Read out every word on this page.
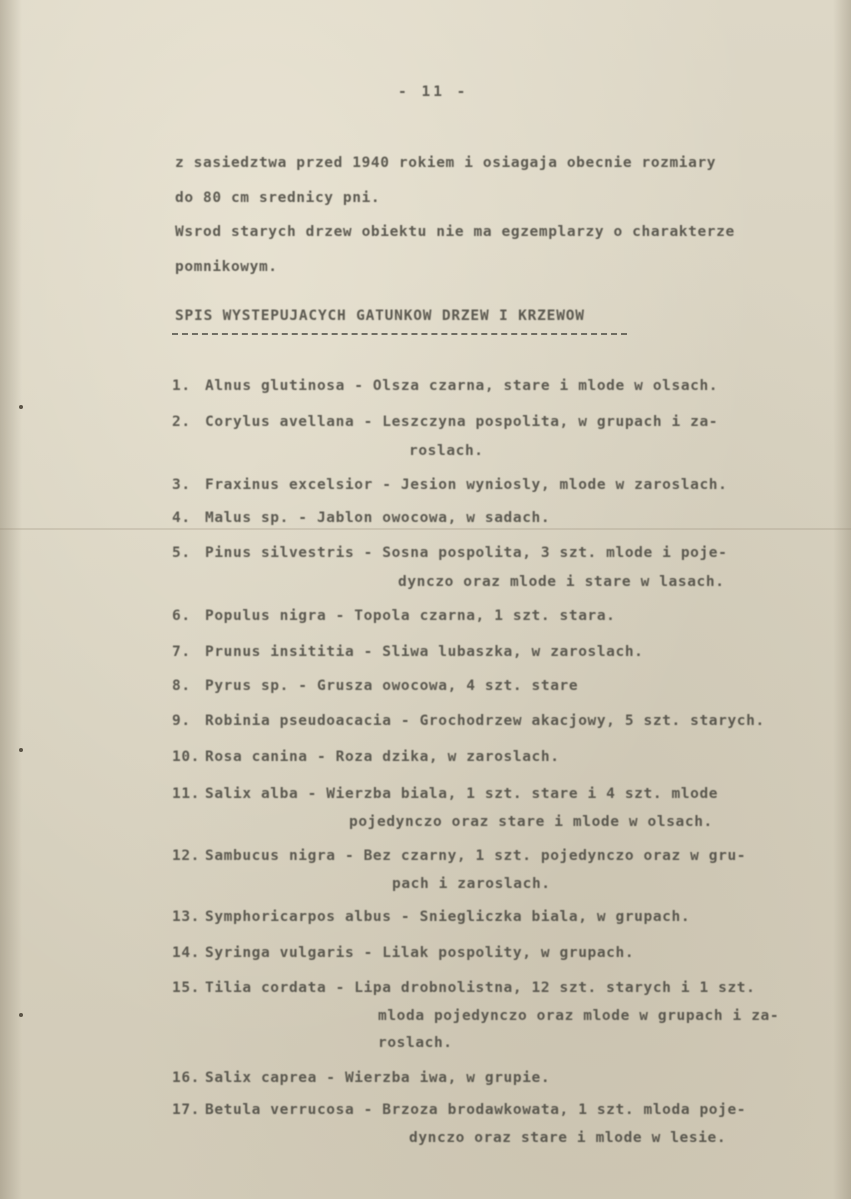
- 11 -
z sasiedztwa przed 1940 rokiem i osiagaja obecnie rozmiary
do 80 cm srednicy pni.
Wsrod starych drzew obiektu nie ma egzemplarzy o charakterze
pomnikowym.
SPIS WYSTEPUJACYCH GATUNKOW DRZEW I KRZEWOW
1. Alnus glutinosa - Olsza czarna, stare i mlode w olsach.
2. Corylus avellana - Leszczyna pospolita, w grupach i za-
roslach.
3. Fraxinus excelsior - Jesion wyniosly, mlode w zaroslach.
4. Malus sp. - Jablon owocowa, w sadach.
5. Pinus silvestris - Sosna pospolita, 3 szt. mlode i poje-
dynczo oraz mlode i stare w lasach.
6. Populus nigra - Topola czarna, 1 szt. stara.
7. Prunus insititia - Sliwa lubaszka, w zaroslach.
8. Pyrus sp. - Grusza owocowa, 4 szt. stare
9. Robinia pseudoacacia - Grochodrzew akacjowy, 5 szt. starych.
10. Rosa canina - Roza dzika, w zaroslach.
11. Salix alba - Wierzba biala, 1 szt. stare i 4 szt. mlode
pojedynczo oraz stare i mlode w olsach.
12. Sambucus nigra - Bez czarny, 1 szt. pojedynczo oraz w gru-
pach i zaroslach.
13. Symphoricarpos albus - Sniegliczka biala, w grupach.
14. Syringa vulgaris - Lilak pospolity, w grupach.
15. Tilia cordata - Lipa drobnolistna, 12 szt. starych i 1 szt.
mloda pojedynczo oraz mlode w grupach i za-
roslach.
16. Salix caprea - Wierzba iwa, w grupie.
17. Betula verrucosa - Brzoza brodawkowata, 1 szt. mloda poje-
dynczo oraz stare i mlode w lesie.
